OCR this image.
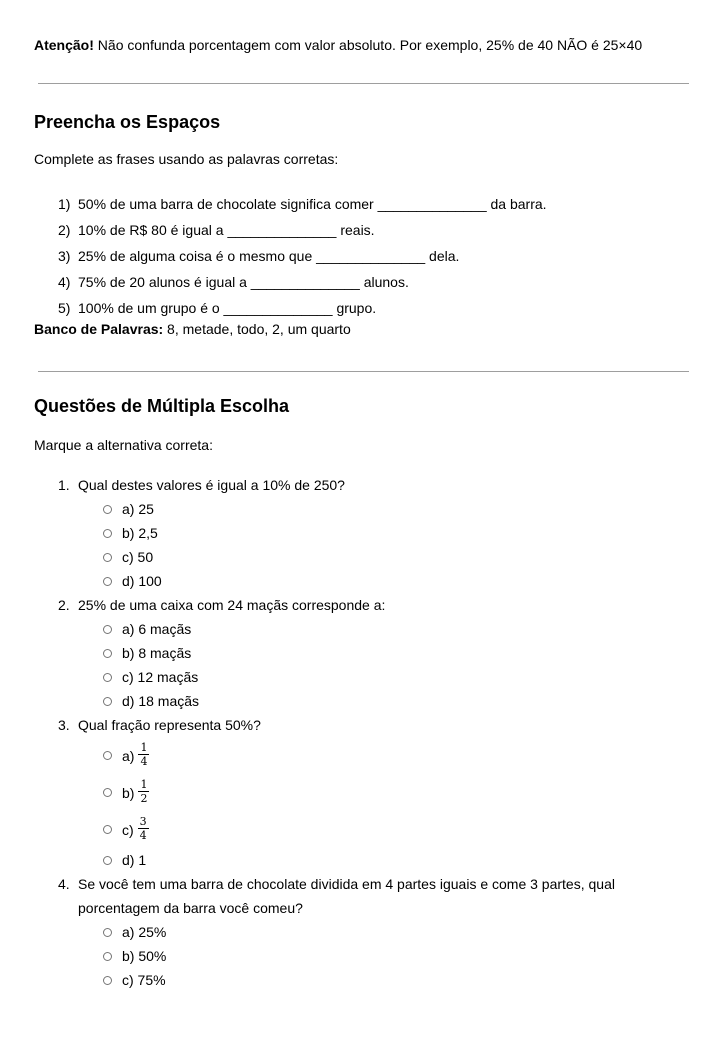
Atenção! Não confunda porcentagem com valor absoluto. Por exemplo, 25% de 40 NÃO é 25×40

Preencha os Espaços

Complete as frases usando as palavras corretas:

1) 50% de uma barra de chocolate significa comer ______________ da barra.
2) 10% de R$ 80 é igual a ______________ reais.
3) 25% de alguma coisa é o mesmo que ______________ dela.
4) 75% de 20 alunos é igual a ______________ alunos.
5) 100% de um grupo é o ______________ grupo.

Banco de Palavras: 8, metade, todo, 2, um quarto

Questões de Múltipla Escolha

Marque a alternativa correta:

1. Qual destes valores é igual a 10% de 250?
a) 25
b) 2,5
c) 50
d) 100
2. 25% de uma caixa com 24 maçãs corresponde a:
a) 6 maçãs
b) 8 maçãs
c) 12 maçãs
d) 18 maçãs
3. Qual fração representa 50%?
$a) \frac{1}{4}$
$b) \frac{1}{2}$
$c) \frac{3}{4}$
d) 1
4. Se você tem uma barra de chocolate dividida em 4 partes iguais e come 3 partes, qual porcentagem da barra você comeu?
a) 25%
b) 50%
c) 75%
